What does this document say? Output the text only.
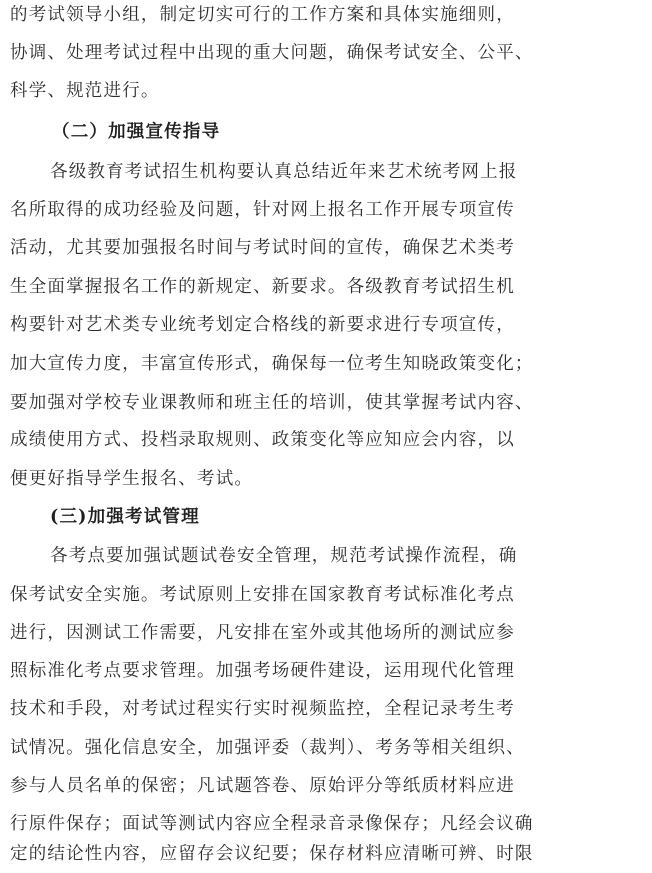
的考试领导小组，制定切实可行的工作方案和具体实施细则，
协调、处理考试过程中出现的重大问题，确保考试安全、公平、
科学、规范进行。
（二）加强宣传指导
各级教育考试招生机构要认真总结近年来艺术统考网上报
名所取得的成功经验及问题，针对网上报名工作开展专项宣传
活动，尤其要加强报名时间与考试时间的宣传，确保艺术类考
生全面掌握报名工作的新规定、新要求。各级教育考试招生机
构要针对艺术类专业统考划定合格线的新要求进行专项宣传，
加大宣传力度，丰富宣传形式，确保每一位考生知晓政策变化；
要加强对学校专业课教师和班主任的培训，使其掌握考试内容、
成绩使用方式、投档录取规则、政策变化等应知应会内容，以
便更好指导学生报名、考试。
(三)加强考试管理
各考点要加强试题试卷安全管理，规范考试操作流程，确
保考试安全实施。考试原则上安排在国家教育考试标准化考点
进行，因测试工作需要，凡安排在室外或其他场所的测试应参
照标准化考点要求管理。加强考场硬件建设，运用现代化管理
技术和手段，对考试过程实行实时视频监控，全程记录考生考
试情况。强化信息安全，加强评委（裁判）、考务等相关组织、
参与人员名单的保密；凡试题答卷、原始评分等纸质材料应进
行原件保存；面试等测试内容应全程录音录像保存；凡经会议确
定的结论性内容，应留存会议纪要；保存材料应清晰可辨、时限
